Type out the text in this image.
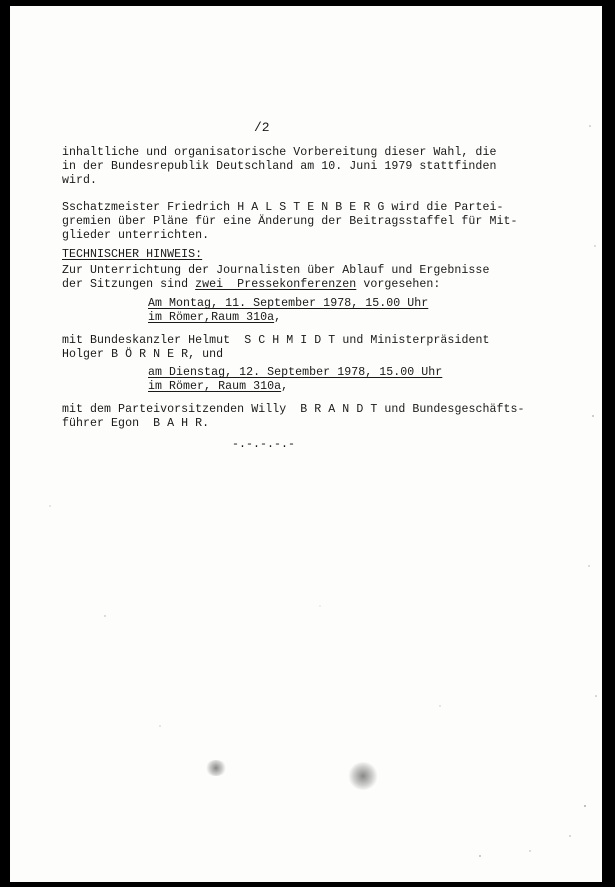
/2
inhaltliche und organisatorische Vorbereitung dieser Wahl, die
in der Bundesrepublik Deutschland am 10. Juni 1979 stattfinden
wird.
Sschatzmeister Friedrich H A L S T E N B E R G wird die Partei-
gremien über Pläne für eine Änderung der Beitragsstaffel für Mit-
glieder unterrichten.
TECHNISCHER HINWEIS:
Zur Unterrichtung der Journalisten über Ablauf und Ergebnisse
der Sitzungen sind zwei  Pressekonferenzen vorgesehen:
Am Montag, 11. September 1978, 15.00 Uhr
im Römer,Raum 310a,
mit Bundeskanzler Helmut  S C H M I D T und Ministerpräsident
Holger B Ö R N E R, und
am Dienstag, 12. September 1978, 15.00 Uhr
im Römer, Raum 310a,
mit dem Parteivorsitzenden Willy  B R A N D T und Bundesgeschäfts-
führer Egon  B A H R.
-.-.-.-.-
